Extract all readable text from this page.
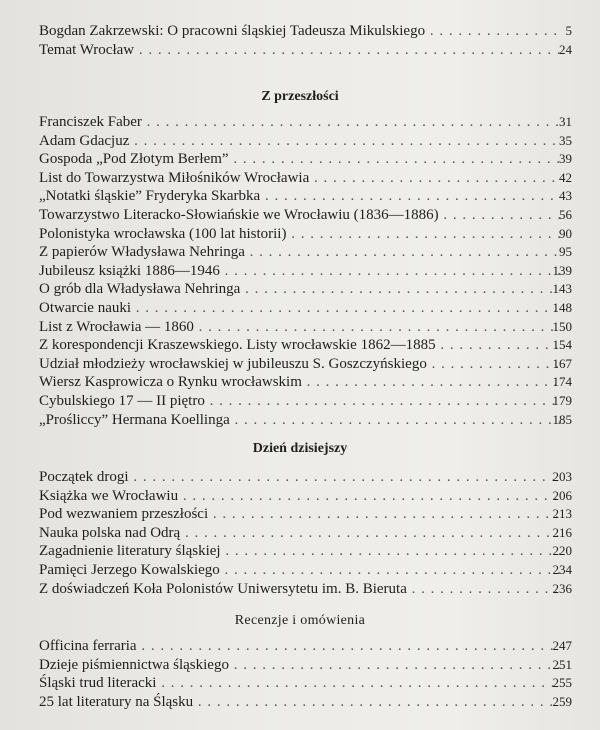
Bogdan Zakrzewski: O pracowni śląskiej Tadeusza Mikulskiego . . .	5
Temat Wrocław . . .	24
Z przeszłości
Franciszek Faber . . .	31
Adam Gdacjuz . . .	35
Gospoda „Pod Złotym Berłem” . . .	39
List do Towarzystwa Miłośników Wrocławia . . .	42
„Notatki śląskie” Fryderyka Skarbka . . .	43
Towarzystwo Literacko-Słowiańskie we Wrocławiu (1836—1886) . . .	56
Polonistyka wrocławska (100 lat historii) . . .	90
Z papierów Władysława Nehringa . . .	95
Jubileusz książki 1886—1946 . . .	139
O grób dla Władysława Nehringa . . .	143
Otwarcie nauki . . .	148
List z Wrocławia — 1860 . . .	150
Z korespondencji Kraszewskiego. Listy wrocławskie 1862—1885 . . .	154
Udział młodzieży wrocławskiej w jubileuszu S. Goszczyńskiego . . .	167
Wiersz Kasprowicza o Rynku wrocławskim . . .	174
Cybulskiego 17 — II piętro . . .	179
„Prośliccy” Hermana Koellinga . . .	185
Dzień dzisiejszy
Początek drogi . . .	203
Książka we Wrocławiu . . .	206
Pod wezwaniem przeszłości . . .	213
Nauka polska nad Odrą . . .	216
Zagadnienie literatury śląskiej . . .	220
Pamięci Jerzego Kowalskiego . . .	234
Z doświadczeń Koła Polonistów Uniwersytetu im. B. Bieruta . . .	236
Recenzje i omówienia
Officina ferraria . . .	247
Dzieje piśmiennictwa śląskiego . . .	251
Śląski trud literacki . . .	255
25 lat literatury na Śląsku . . .	259
